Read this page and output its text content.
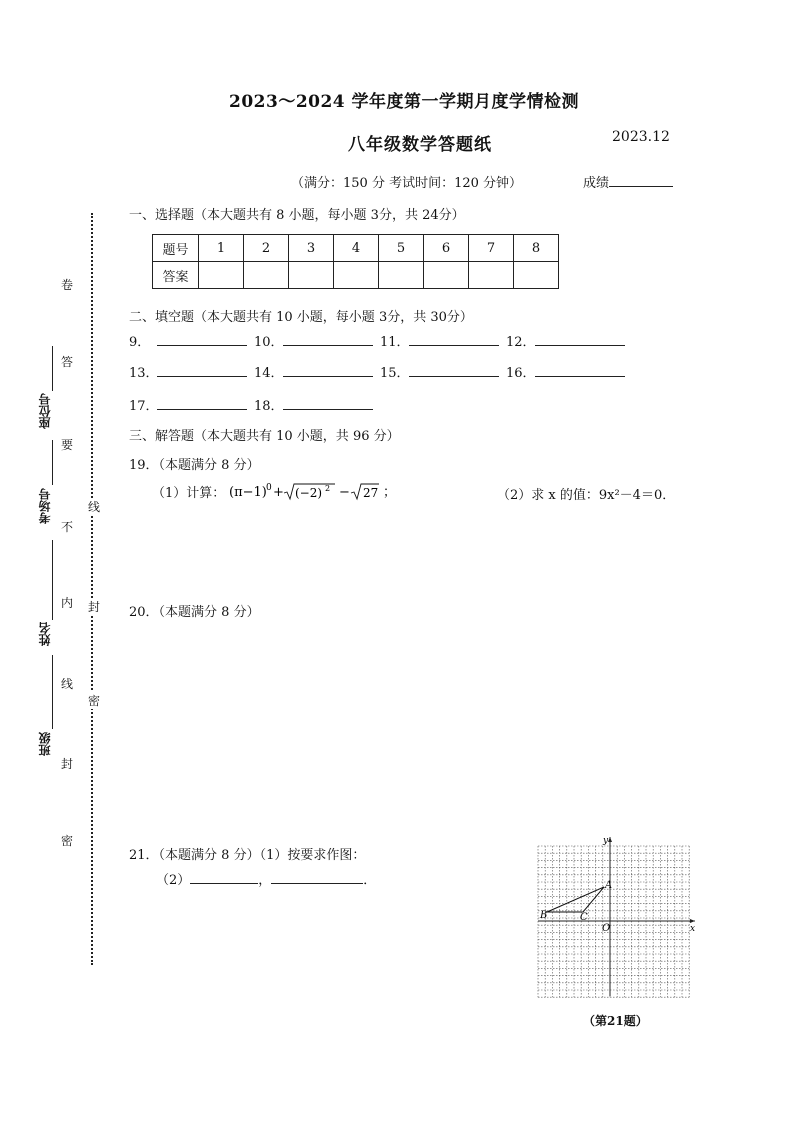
2023～2024 学年度第一学期月度学情检测
八年级数学答题纸	2023.12
（满分：150 分 考试时间：120 分钟）	成绩
卷
答
要
不
内
线
封
密
线
封
密
座位号
考场号
姓名
班级
一、选择题（本大题共有 8 小题，每小题 3分，共 24分）
题号	1	2	3	4	5	6	7	8
答案								
二、填空题（本大题共有 10 小题，每小题 3分，共 30分）
9．	10．	11．	12．
13．	14．	15．	16．
17．	18．
三、解答题（本大题共有 10 小题，共 96 分）
19．（本题满分 8 分）
（1）计算： (π−1) 0 + (−2) 2 − 27 ；	（2）求 x 的值：9x²－4＝0．
20．（本题满分 8 分）
21．（本题满分 8 分）（1）按要求作图：
（2）	，	．	A
B	C
O	x
y
（第21题）
